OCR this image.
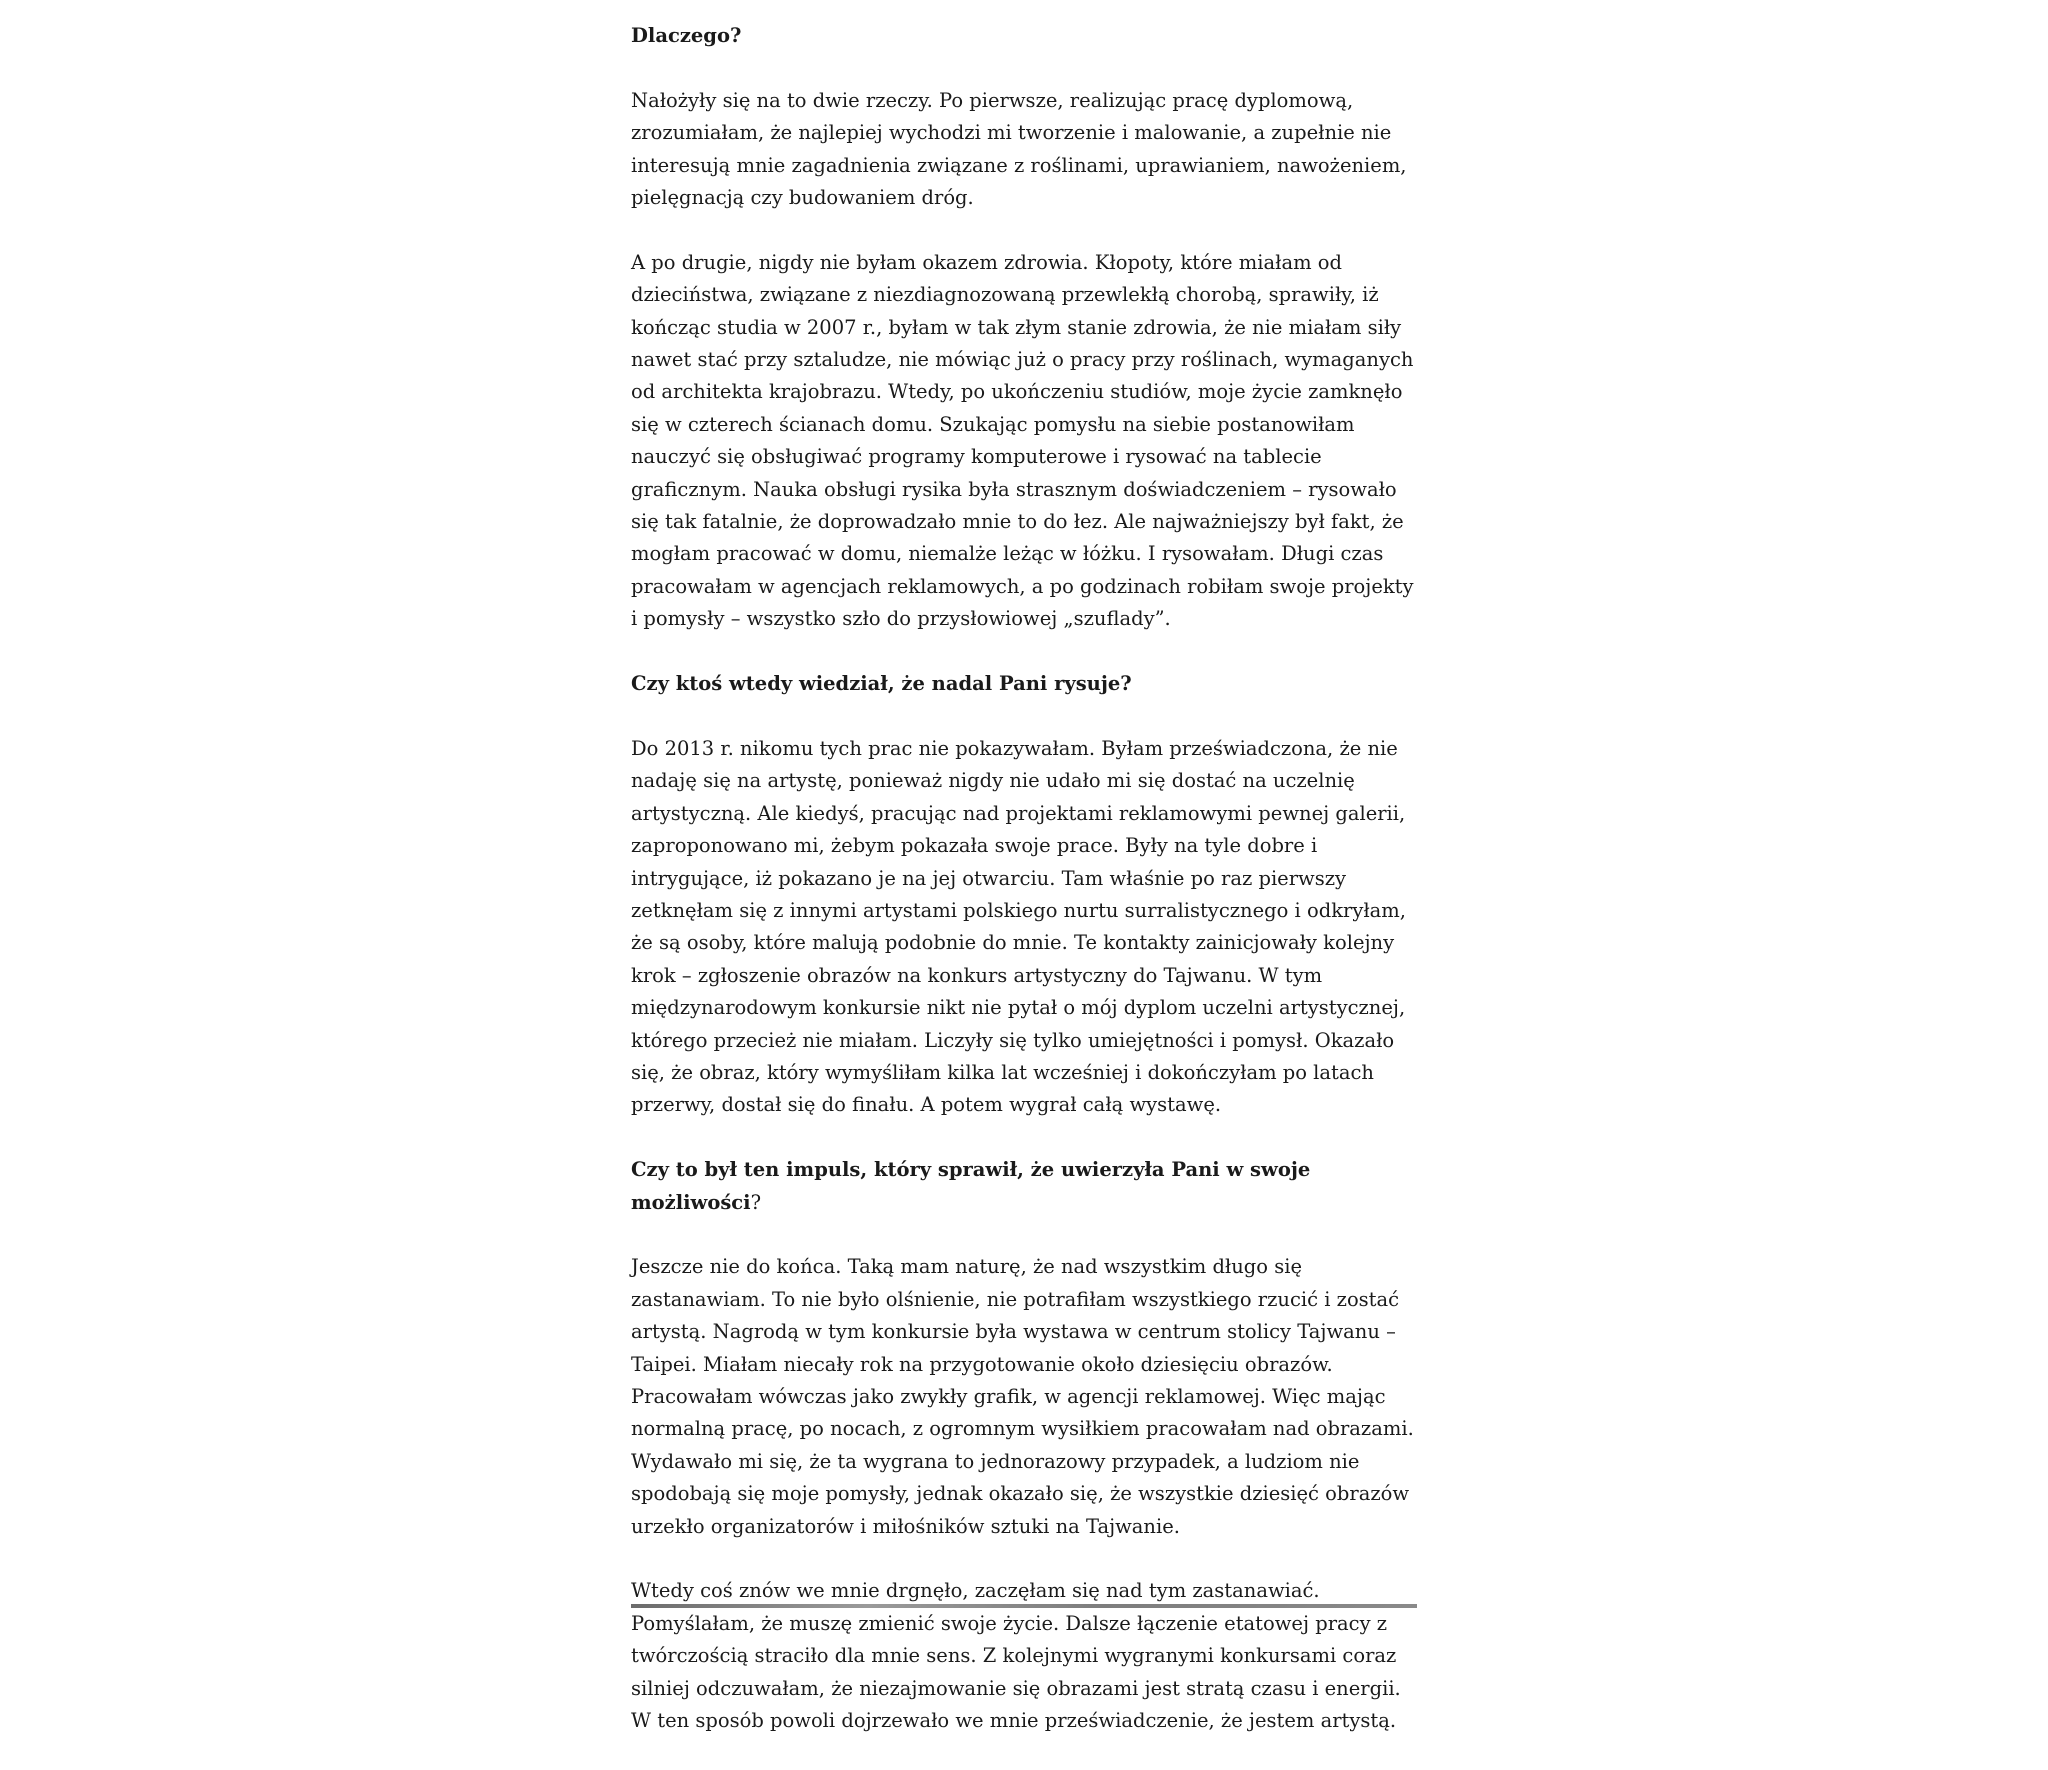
Dlaczego?

Nałożyły się na to dwie rzeczy. Po pierwsze, realizując pracę dyplomową, zrozumiałam, że najlepiej wychodzi mi tworzenie i malowanie, a zupełnie nie interesują mnie zagadnienia związane z roślinami, uprawianiem, nawożeniem, pielęgnacją czy budowaniem dróg.

A po drugie, nigdy nie byłam okazem zdrowia. Kłopoty, które miałam od dzieciństwa, związane z niezdiagnozowaną przewlekłą chorobą, sprawiły, iż kończąc studia w 2007 r., byłam w tak złym stanie zdrowia, że nie miałam siły nawet stać przy sztaludze, nie mówiąc już o pracy przy roślinach, wymaganych od architekta krajobrazu. Wtedy, po ukończeniu studiów, moje życie zamknęło się w czterech ścianach domu. Szukając pomysłu na siebie postanowiłam nauczyć się obsługiwać programy komputerowe i rysować na tablecie graficznym. Nauka obsługi rysika była strasznym doświadczeniem – rysowało się tak fatalnie, że doprowadzało mnie to do łez. Ale najważniejszy był fakt, że mogłam pracować w domu, niemalże leżąc w łóżku. I rysowałam. Długi czas pracowałam w agencjach reklamowych, a po godzinach robiłam swoje projekty i pomysły – wszystko szło do przysłowiowej „szuflady”.

Czy ktoś wtedy wiedział, że nadal Pani rysuje?

Do 2013 r. nikomu tych prac nie pokazywałam. Byłam przeświadczona, że nie nadaję się na artystę, ponieważ nigdy nie udało mi się dostać na uczelnię artystyczną. Ale kiedyś, pracując nad projektami reklamowymi pewnej galerii, zaproponowano mi, żebym pokazała swoje prace. Były na tyle dobre i intrygujące, iż pokazano je na jej otwarciu. Tam właśnie po raz pierwszy zetknęłam się z innymi artystami polskiego nurtu surralistycznego i odkryłam, że są osoby, które malują podobnie do mnie. Te kontakty zainicjowały kolejny krok – zgłoszenie obrazów na konkurs artystyczny do Tajwanu. W tym międzynarodowym konkursie nikt nie pytał o mój dyplom uczelni artystycznej, którego przecież nie miałam. Liczyły się tylko umiejętności i pomysł. Okazało się, że obraz, który wymyśliłam kilka lat wcześniej i dokończyłam po latach przerwy, dostał się do finału. A potem wygrał całą wystawę.

Czy to był ten impuls, który sprawił, że uwierzyła Pani w swoje możliwości?

Jeszcze nie do końca. Taką mam naturę, że nad wszystkim długo się zastanawiam. To nie było olśnienie, nie potrafiłam wszystkiego rzucić i zostać artystą. Nagrodą w tym konkursie była wystawa w centrum stolicy Tajwanu – Taipei. Miałam niecały rok na przygotowanie około dziesięciu obrazów. Pracowałam wówczas jako zwykły grafik, w agencji reklamowej. Więc mając normalną pracę, po nocach, z ogromnym wysiłkiem pracowałam nad obrazami. Wydawało mi się, że ta wygrana to jednorazowy przypadek, a ludziom nie spodobają się moje pomysły, jednak okazało się, że wszystkie dziesięć obrazów urzekło organizatorów i miłośników sztuki na Tajwanie.

Wtedy coś znów we mnie drgnęło, zaczęłam się nad tym zastanawiać. Pomyślałam, że muszę zmienić swoje życie. Dalsze łączenie etatowej pracy z twórczością straciło dla mnie sens. Z kolejnymi wygranymi konkursami coraz silniej odczuwałam, że niezajmowanie się obrazami jest stratą czasu i energii. W ten sposób powoli dojrzewało we mnie przeświadczenie, że jestem artystą.
